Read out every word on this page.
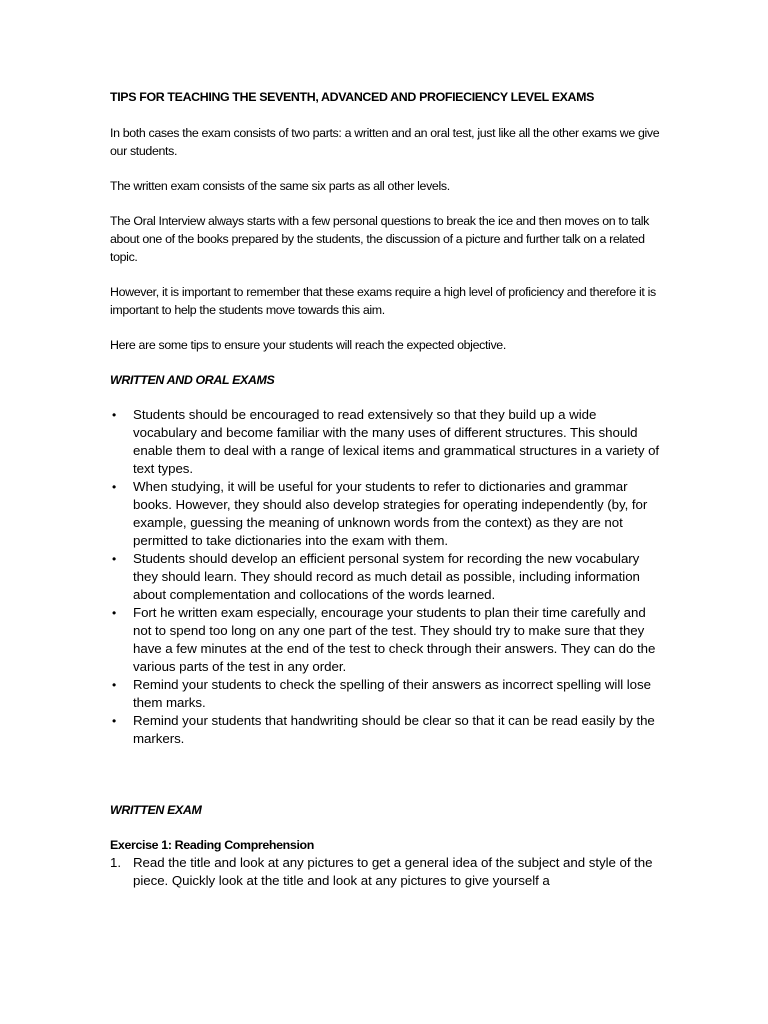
TIPS FOR TEACHING THE SEVENTH, ADVANCED AND PROFIECIENCY LEVEL EXAMS

In both cases the exam consists of two parts: a written and an oral test, just like all the other exams we give our students.

The written exam consists of the same six parts as all other levels.

The Oral Interview always starts with a few personal questions to break the ice and then moves on to talk about one of the books prepared by the students, the discussion of a picture and further talk on a related topic.

However, it is important to remember that these exams require a high level of proficiency and therefore it is important to help the students move towards this aim.

Here are some tips to ensure your students will reach the expected objective.

WRITTEN AND ORAL EXAMS

• Students should be encouraged to read extensively so that they build up a wide vocabulary and become familiar with the many uses of different structures. This should enable them to deal with a range of lexical items and grammatical structures in a variety of text types.
• When studying, it will be useful for your students to refer to dictionaries and grammar books. However, they should also develop strategies for operating independently (by, for example, guessing the meaning of unknown words from the context) as they are not permitted to take dictionaries into the exam with them.
• Students should develop an efficient personal system for recording the new vocabulary they should learn. They should record as much detail as possible, including information about complementation and collocations of the words learned.
• Fort he written exam especially, encourage your students to plan their time carefully and not to spend too long on any one part of the test. They should try to make sure that they have a few minutes at the end of the test to check through their answers. They can do the various parts of the test in any order.
• Remind your students to check the spelling of their answers as incorrect spelling will lose them marks.
• Remind your students that handwriting should be clear so that it can be read easily by the markers.

WRITTEN EXAM

Exercise 1: Reading Comprehension

1. Read the title and look at any pictures to get a general idea of the subject and style of the piece. Quickly look at the title and look at any pictures to give yourself a
